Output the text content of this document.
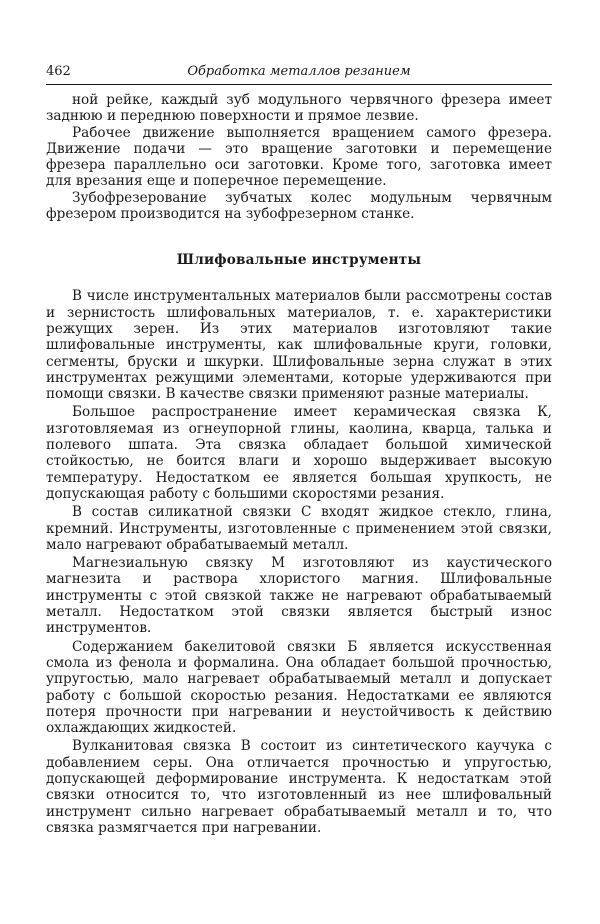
462	Обработка металлов резанием

ной рейке, каждый зуб модульного червячного фрезера имеет заднюю и переднюю поверхности и прямое лезвие.

Рабочее движение выполняется вращением самого фрезера. Движение подачи — это вращение заготовки и перемещение фрезера параллельно оси заготовки. Кроме того, заготовка имеет для врезания еще и поперечное перемещение.

Зубофрезерование зубчатых колес модульным червячным фрезером производится на зубофрезерном станке.

Шлифовальные инструменты

В числе инструментальных материалов были рассмотрены состав и зернистость шлифовальных материалов, т. е. характеристики режущих зерен. Из этих материалов изготовляют такие шлифовальные инструменты, как шлифовальные круги, головки, сегменты, бруски и шкурки. Шлифовальные зерна служат в этих инструментах режущими элементами, которые удерживаются при помощи связки. В качестве связки применяют разные материалы.

Большое распространение имеет керамическая связка К, изготовляемая из огнеупорной глины, каолина, кварца, талька и полевого шпата. Эта связка обладает большой химической стойкостью, не боится влаги и хорошо выдерживает высокую температуру. Недостатком ее является большая хрупкость, не допускающая работу с большими скоростями резания.

В состав силикатной связки С входят жидкое стекло, глина, кремний. Инструменты, изготовленные с применением этой связки, мало нагревают обрабатываемый металл.

Магнезиальную связку М изготовляют из каустического магнезита и раствора хлористого магния. Шлифовальные инструменты с этой связкой также не нагревают обрабатываемый металл. Недостатком этой связки является быстрый износ инструментов.

Содержанием бакелитовой связки Б является искусственная смола из фенола и формалина. Она обладает большой прочностью, упругостью, мало нагревает обрабатываемый металл и допускает работу с большой скоростью резания. Недостатками ее являются потеря прочности при нагревании и неустойчивость к действию охлаждающих жидкостей.

Вулканитовая связка В состоит из синтетического каучука с добавлением серы. Она отличается прочностью и упругостью, допускающей деформирование инструмента. К недостаткам этой связки относится то, что изготовленный из нее шлифовальный инструмент сильно нагревает обрабатываемый металл и то, что связка размягчается при нагревании.
